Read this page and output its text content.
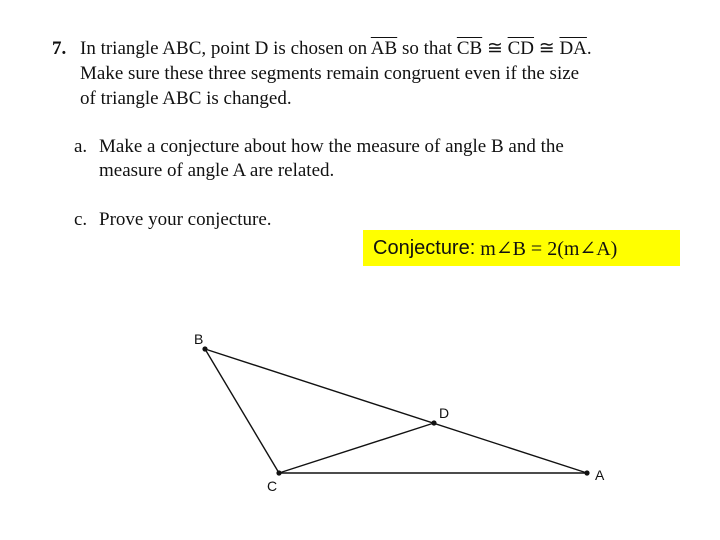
7. In triangle ABC, point D is chosen on $\overline{AB}$ so that $\overline{CB}$ ≅ $\overline{CD}$ ≅ $\overline{DA}$.
Make sure these three segments remain congruent even if the size
of triangle ABC is changed.
a. Make a conjecture about how the measure of angle B and the
measure of angle A are related.
c. Prove your conjecture.
Conjecture: m∠B = 2(m∠A)
B
D
C
A
